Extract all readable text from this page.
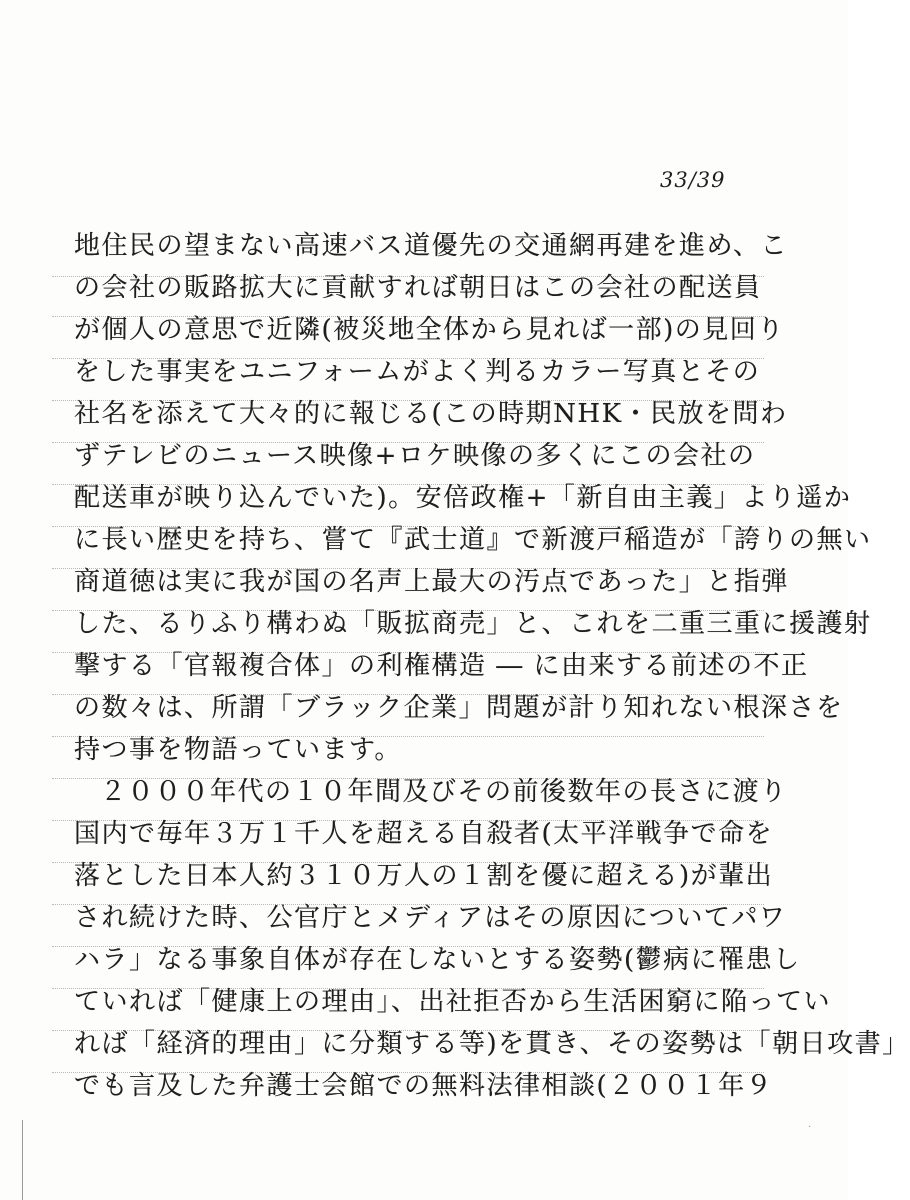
33/39
地住民の望まない高速バス道優先の交通網再建を進め、こ
の会社の販路拡大に貢献すれば朝日はこの会社の配送員
が個人の意思で近隣(被災地全体から見れば一部)の見回り
をした事実をユニフォームがよく判るカラー写真とその
社名を添えて大々的に報じる(この時期NHK・民放を問わ
ずテレビのニュース映像+ロケ映像の多くにこの会社の
配送車が映り込んでいた)。安倍政権+「新自由主義」より遥か
に長い歴史を持ち、嘗て『武士道』で新渡戸稲造が「誇りの無い
商道徳は実に我が国の名声上最大の汚点であった」と指弾
した、るりふり構わぬ「販拡商売」と、これを二重三重に援護射
撃する「官報複合体」の利権構造 ― に由来する前述の不正
の数々は、所謂「ブラック企業」問題が計り知れない根深さを
持つ事を物語っています。
２０００年代の１０年間及びその前後数年の長さに渡り
国内で毎年３万１千人を超える自殺者(太平洋戦争で命を
落とした日本人約３１０万人の１割を優に超える)が輩出
され続けた時、公官庁とメディアはその原因についてパワ
ハラ」なる事象自体が存在しないとする姿勢(鬱病に罹患し
ていれば「健康上の理由」、出社拒否から生活困窮に陥ってい
れば「経済的理由」に分類する等)を貫き、その姿勢は「朝日攻書」
でも言及した弁護士会館での無料法律相談(２００１年９
·
